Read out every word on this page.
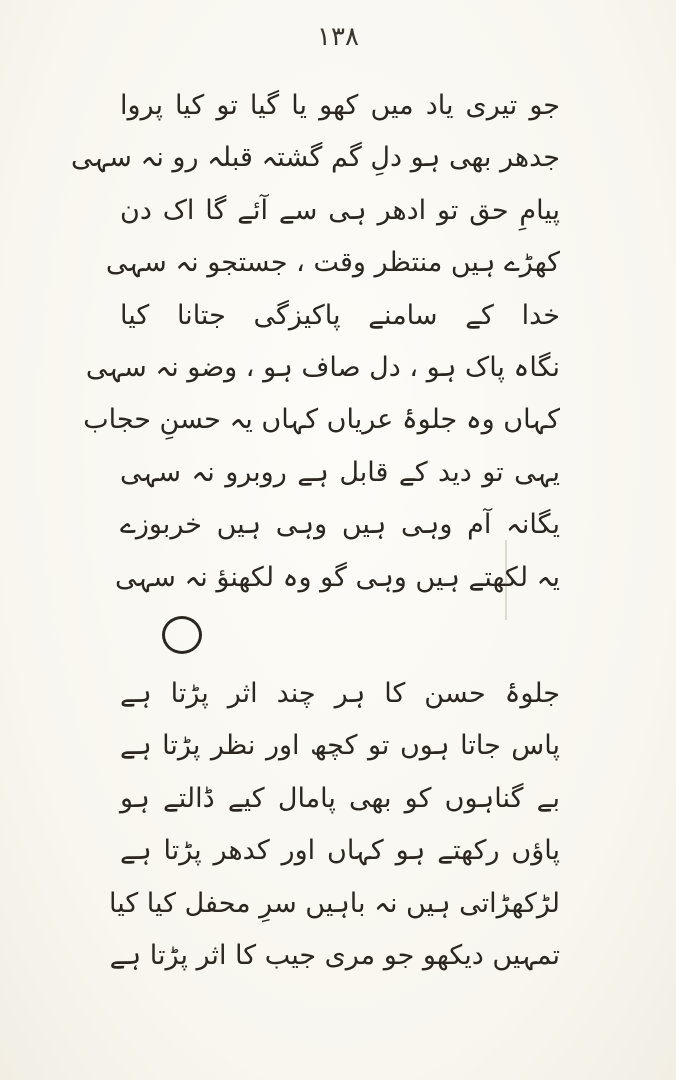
۱۳۸
جو تیری یاد میں کھو یا گیا تو کیا پروا
جدھر بھی ہو دلِ گم گشتہ قبلہ رو نہ سہی
پیامِ حق تو ادھر ہی سے آئے گا اک دن
کھڑے ہیں منتظر وقت ، جستجو نہ سہی
خدا کے سامنے پاکیزگی جتانا کیا
نگاہ پاک ہو ، دل صاف ہو ، وضو نہ سہی
کہاں وہ جلوۂ عریاں کہاں یہ حسنِ حجاب
یہی تو دید کے قابل ہے روبرو نہ سہی
یگانہ آم وہی ہیں وہی ہیں خربوزے
یہ لکھتے ہیں وہی گو وہ لکھنؤ نہ سہی
جلوۂ حسن کا ہر چند اثر پڑتا ہے
پاس جاتا ہوں تو کچھ اور نظر پڑتا ہے
بے گناہوں کو بھی پامال کیے ڈالتے ہو
پاؤں رکھتے ہو کہاں اور کدھر پڑتا ہے
لڑکھڑاتی ہیں نہ باہیں سرِ محفل کیا کیا
تمہیں دیکھو جو مری جیب کا اثر پڑتا ہے
